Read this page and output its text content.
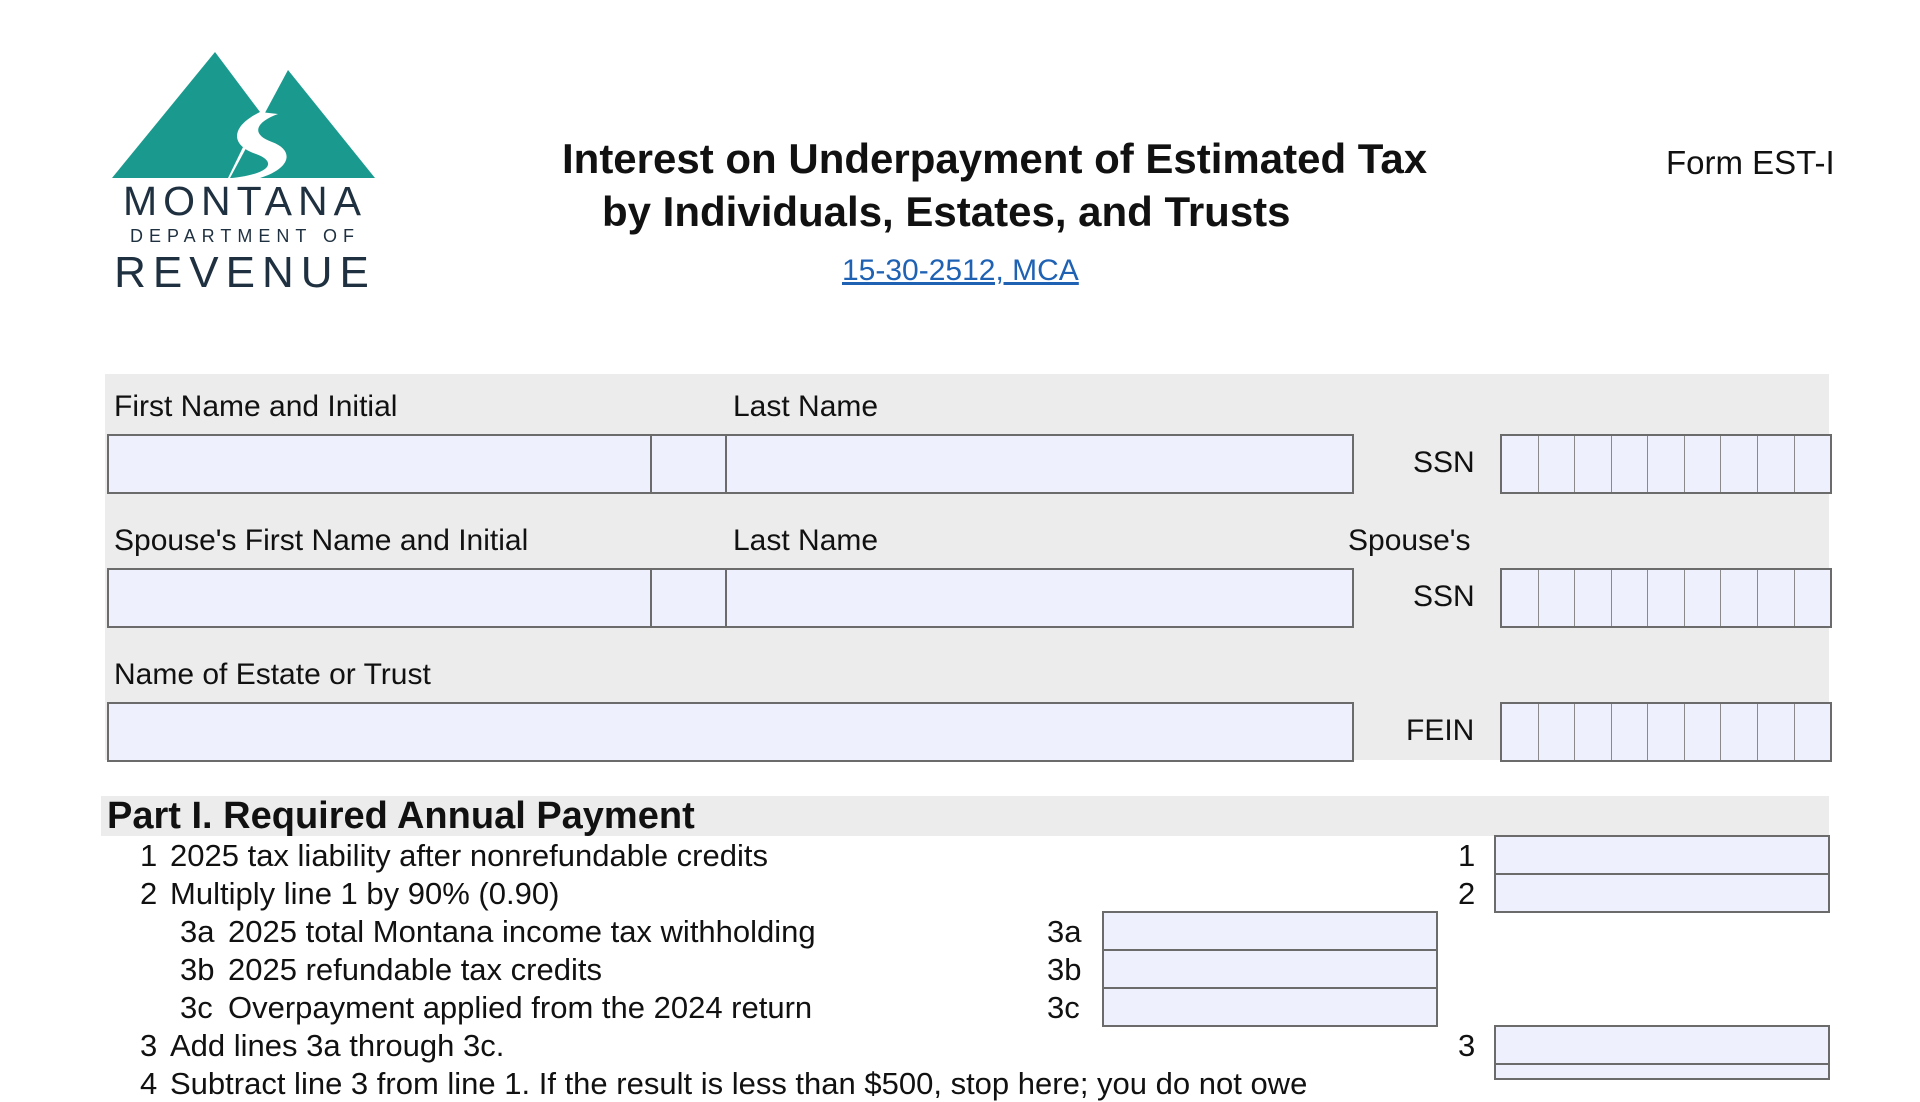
MONTANA
DEPARTMENT OF
REVENUE
Interest on Underpayment of Estimated Tax
by Individuals, Estates, and Trusts
15-30-2512, MCA
Form EST-I
First Name and Initial	Last Name
SSN
Spouse's First Name and Initial	Last Name	Spouse's
SSN
Name of Estate or Trust
FEIN
Part I. Required Annual Payment
1 2025 tax liability after nonrefundable credits	1
2 Multiply line 1 by 90% (0.90)	2
3a 2025 total Montana income tax withholding	3a
3b 2025 refundable tax credits	3b
3c Overpayment applied from the 2024 return	3c
3 Add lines 3a through 3c.	3
4 Subtract line 3 from line 1. If the result is less than $500, stop here; you do not owe
